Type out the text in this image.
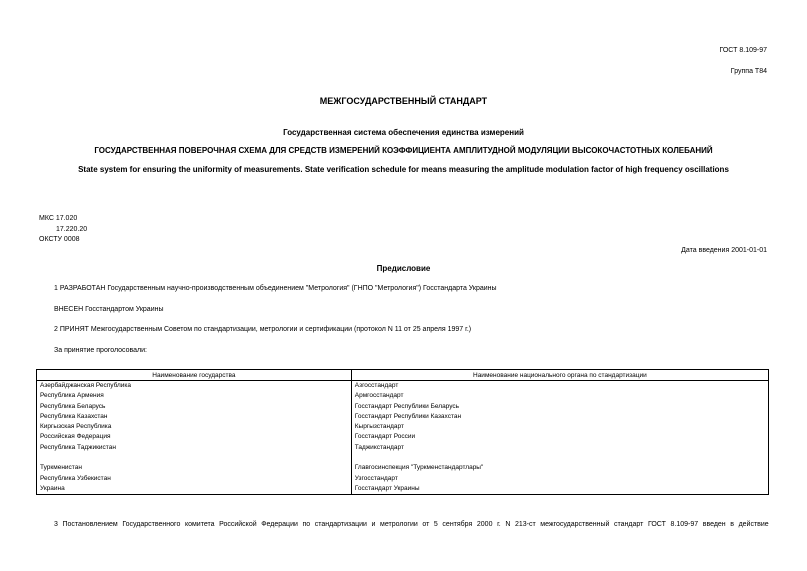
ГОСТ 8.109-97
Группа Т84
МЕЖГОСУДАРСТВЕННЫЙ СТАНДАРТ
Государственная система обеспечения единства измерений
ГОСУДАРСТВЕННАЯ ПОВЕРОЧНАЯ СХЕМА ДЛЯ СРЕДСТВ ИЗМЕРЕНИЙ КОЭФФИЦИЕНТА АМПЛИТУДНОЙ МОДУЛЯЦИИ ВЫСОКОЧАСТОТНЫХ КОЛЕБАНИЙ
State system for ensuring the uniformity of measurements. State verification schedule for means measuring the amplitude modulation factor of high frequency oscillations
МКС 17.020
17.220.20
ОКСТУ 0008
Дата введения 2001-01-01
Предисловие
1 РАЗРАБОТАН Государственным научно-производственным объединением "Метрология" (ГНПО "Метрология") Госстандарта Украины
ВНЕСЕН Госстандартом Украины
2 ПРИНЯТ Межгосударственным Советом по стандартизации, метрологии и сертификации (протокол N 11 от 25 апреля 1997 г.)
За принятие проголосовали:
Наименование государства	Наименование национального органа по стандартизации
Азербайджанская Республика	Азгосстандарт
Республика Армения	Армгосстандарт
Республика Беларусь	Госстандарт Республики Беларусь
Республика Казахстан	Госстандарт Республики Казахстан
Киргызская Республика	Кыргызстандарт
Российская Федерация	Госстандарт России
Республика Таджикистан	Таджикстандарт

Туркменистан	Главгосинспекция "Туркменстандартлары"
Республика Узбекистан	Узгосстандарт
Украина	Госстандарт Украины
3 Постановлением Государственного комитета Российской Федерации по стандартизации и метрологии от 5 сентября 2000 г. N 213-ст межгосударственный стандарт ГОСТ 8.109-97 введен в действие
